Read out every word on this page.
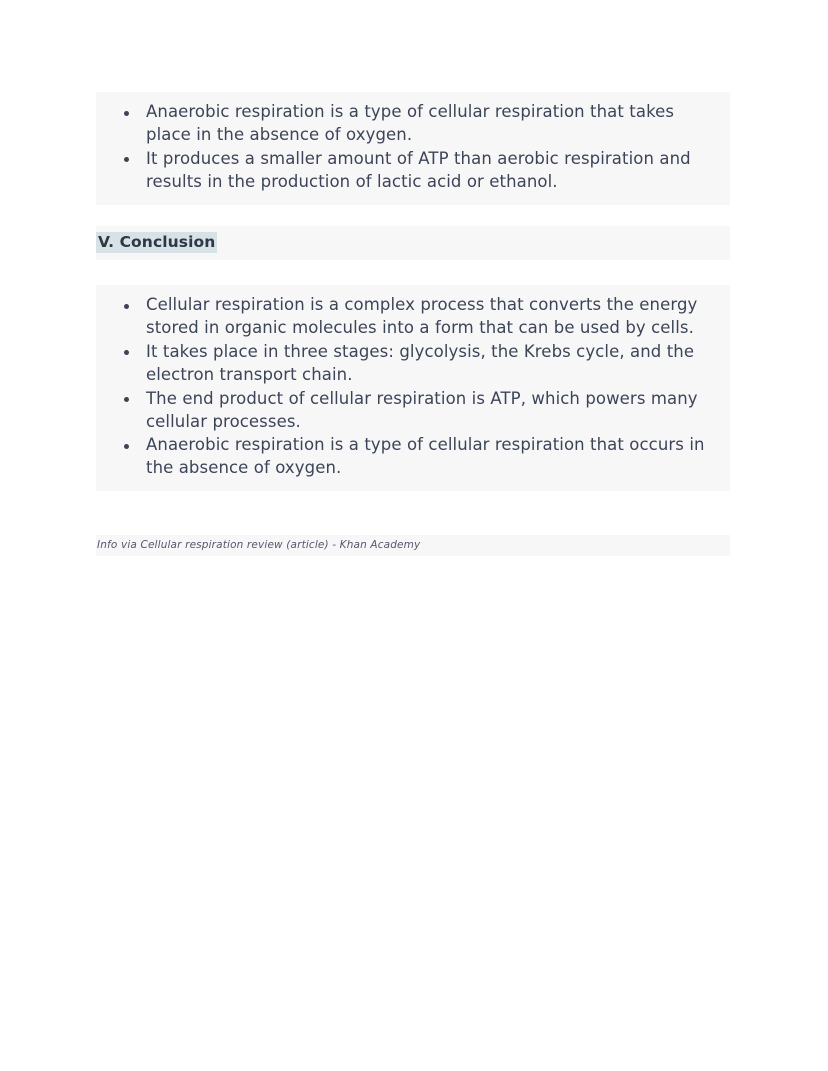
Anaerobic respiration is a type of cellular respiration that takes place in the absence of oxygen.
It produces a smaller amount of ATP than aerobic respiration and results in the production of lactic acid or ethanol.
V. Conclusion
Cellular respiration is a complex process that converts the energy stored in organic molecules into a form that can be used by cells.
It takes place in three stages: glycolysis, the Krebs cycle, and the electron transport chain.
The end product of cellular respiration is ATP, which powers many cellular processes.
Anaerobic respiration is a type of cellular respiration that occurs in the absence of oxygen.
Info via Cellular respiration review (article) - Khan Academy
